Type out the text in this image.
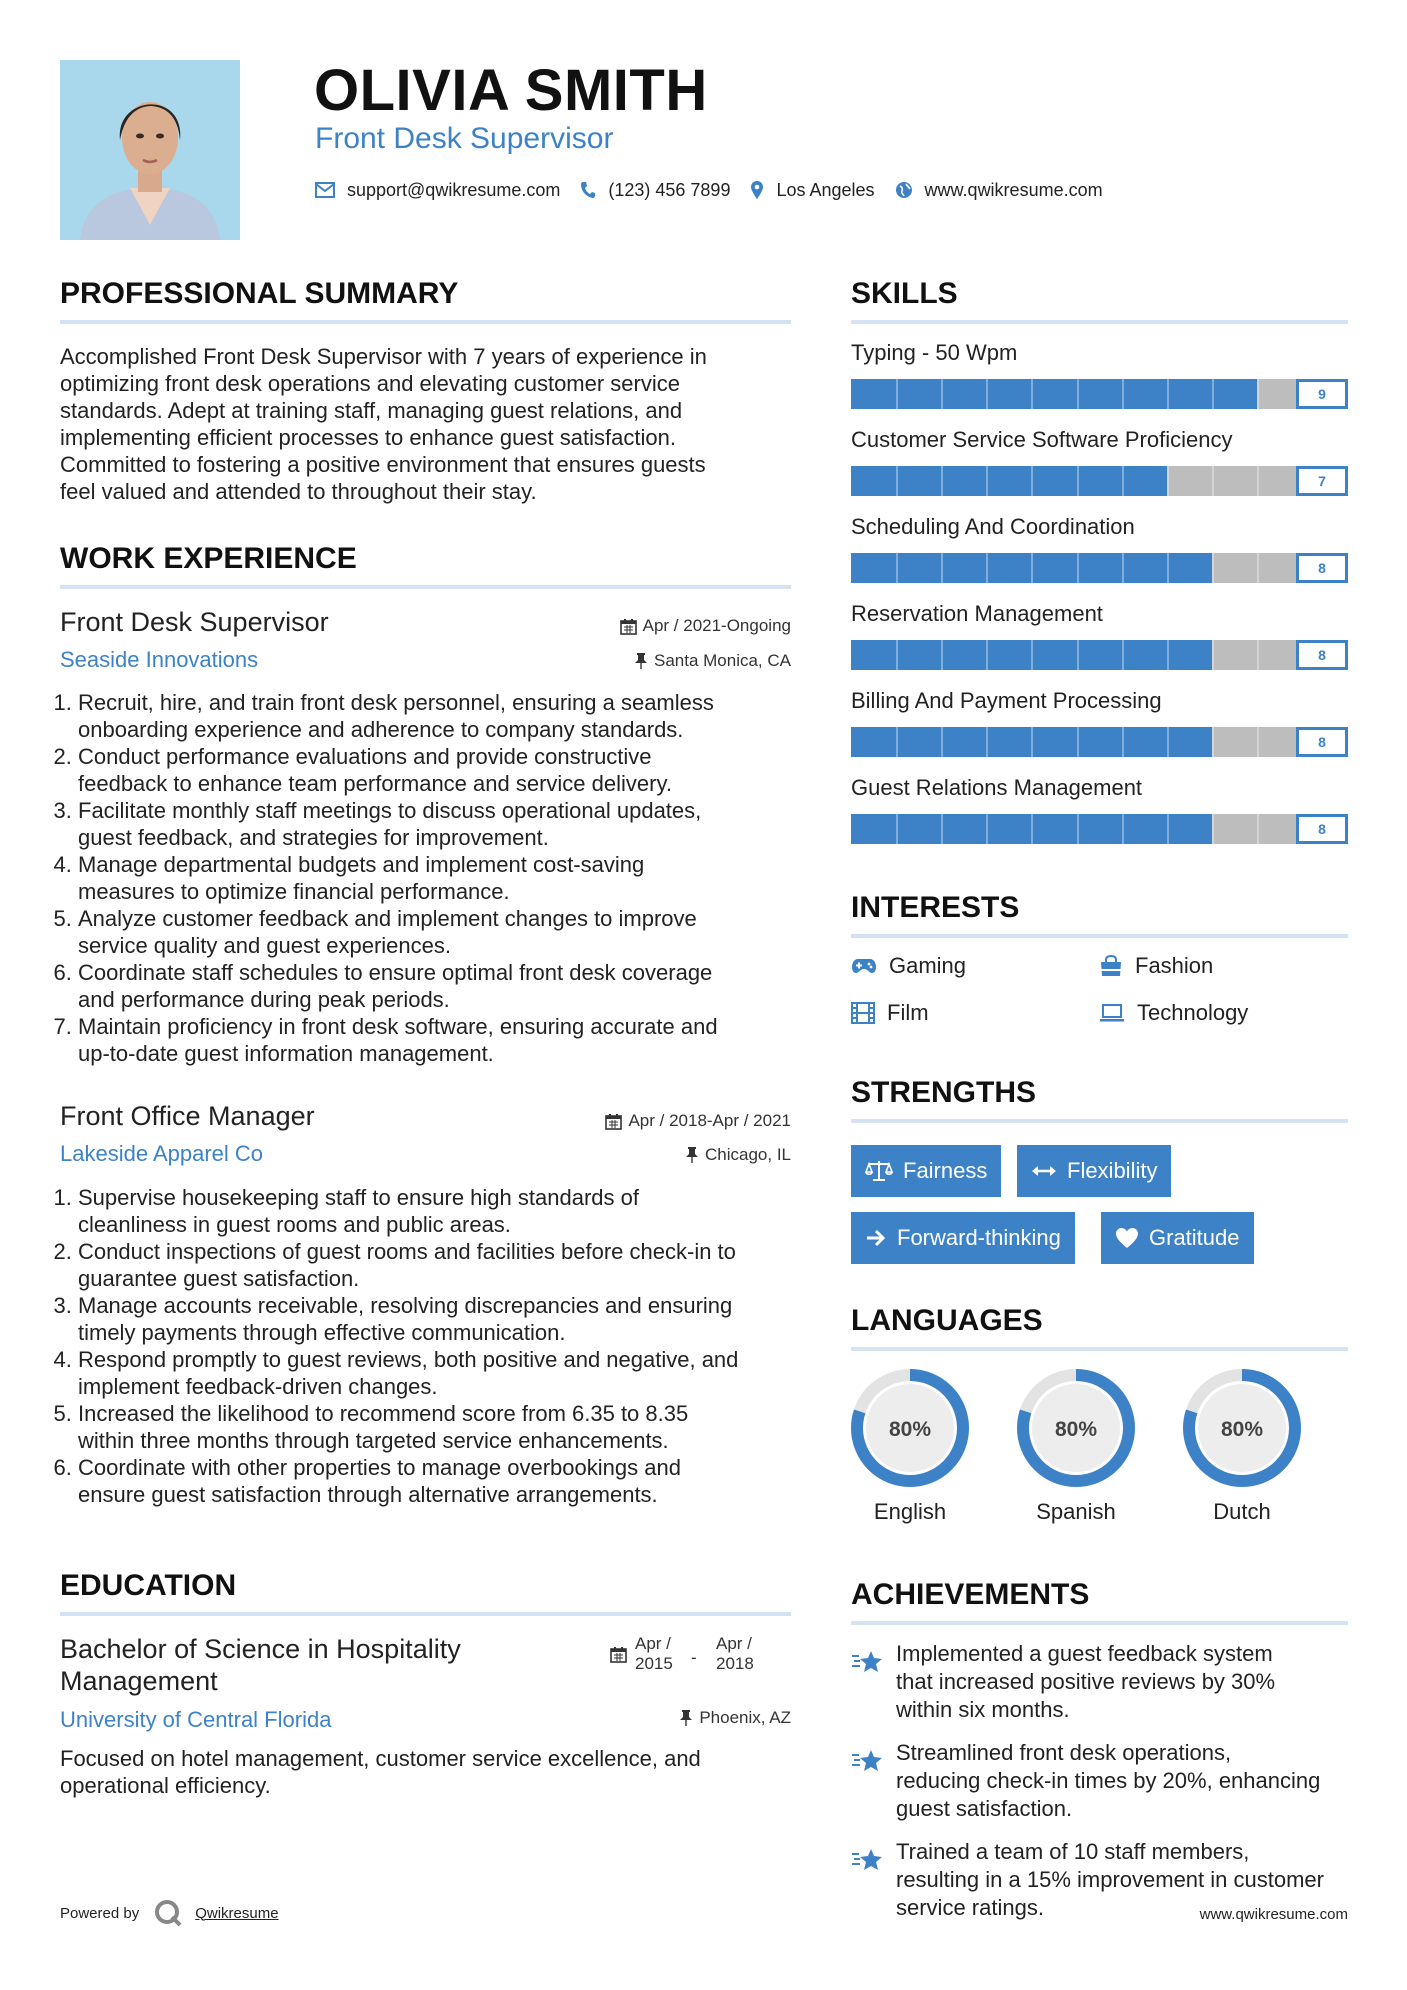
OLIVIA SMITH
Front Desk Supervisor
support@qwikresume.com	(123) 456 7899	Los Angeles	www.qwikresume.com
PROFESSIONAL SUMMARY
Accomplished Front Desk Supervisor with 7 years of experience in
optimizing front desk operations and elevating customer service
standards. Adept at training staff, managing guest relations, and
implementing efficient processes to enhance guest satisfaction.
Committed to fostering a positive environment that ensures guests
feel valued and attended to throughout their stay.
WORK EXPERIENCE
Front Desk Supervisor
Seaside Innovations
Apr / 2021-Ongoing
Santa Monica, CA
1. Recruit, hire, and train front desk personnel, ensuring a seamless
onboarding experience and adherence to company standards.
2. Conduct performance evaluations and provide constructive
feedback to enhance team performance and service delivery.
3. Facilitate monthly staff meetings to discuss operational updates,
guest feedback, and strategies for improvement.
4. Manage departmental budgets and implement cost-saving
measures to optimize financial performance.
5. Analyze customer feedback and implement changes to improve
service quality and guest experiences.
6. Coordinate staff schedules to ensure optimal front desk coverage
and performance during peak periods.
7. Maintain proficiency in front desk software, ensuring accurate and
up-to-date guest information management.
Front Office Manager
Lakeside Apparel Co
Apr / 2018-Apr / 2021
Chicago, IL
1. Supervise housekeeping staff to ensure high standards of
cleanliness in guest rooms and public areas.
2. Conduct inspections of guest rooms and facilities before check-in to
guarantee guest satisfaction.
3. Manage accounts receivable, resolving discrepancies and ensuring
timely payments through effective communication.
4. Respond promptly to guest reviews, both positive and negative, and
implement feedback-driven changes.
5. Increased the likelihood to recommend score from 6.35 to 8.35
within three months through targeted service enhancements.
6. Coordinate with other properties to manage overbookings and
ensure guest satisfaction through alternative arrangements.
EDUCATION
Bachelor of Science in Hospitality
Management
University of Central Florida
Apr /
2015 -
Apr /
2018
Phoenix, AZ
Focused on hotel management, customer service excellence, and
operational efficiency.
Powered by	Qwikresume
SKILLS
Typing - 50 Wpm
9
Customer Service Software Proficiency
7
Scheduling And Coordination
8
Reservation Management
8
Billing And Payment Processing
8
Guest Relations Management
8
INTERESTS
Gaming	Fashion
Film	Technology
STRENGTHS
Fairness	Flexibility
Forward-thinking	Gratitude
LANGUAGES
80%
English
80%
Spanish
80%
Dutch
ACHIEVEMENTS
Implemented a guest feedback system
that increased positive reviews by 30%
within six months.
Streamlined front desk operations,
reducing check-in times by 20%, enhancing
guest satisfaction.
Trained a team of 10 staff members,
resulting in a 15% improvement in customer
service ratings.	www.qwikresume.com
